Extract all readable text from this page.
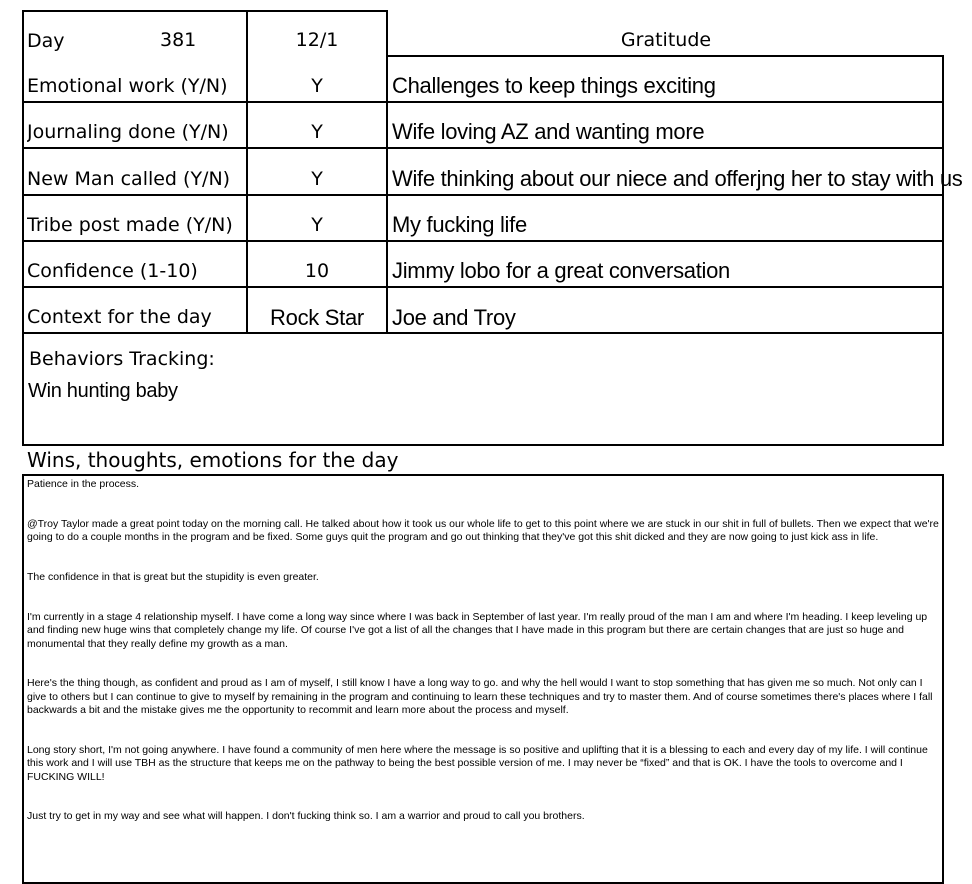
Day	381	12/1	Gratitude
Emotional work (Y/N)	Y	Challenges to keep things exciting
Journaling done (Y/N)	Y	Wife loving AZ and wanting more
New Man called (Y/N)	Y	Wife thinking about our niece and offerjng her to stay with us
Tribe post made (Y/N)	Y	My fucking life
Confidence (1-10)	10	Jimmy lobo for a great conversation
Context for the day	Rock Star	Joe and Troy
Behaviors Tracking:
Win hunting baby
Wins, thoughts, emotions for the day

Patience in the process.

@Troy Taylor made a great point today on the morning call. He talked about how it took us our whole life to get to this point where we are stuck in our shit in full of bullets. Then we expect that we're going to do a couple months in the program and be fixed. Some guys quit the program and go out thinking that they've got this shit dicked and they are now going to just kick ass in life.

The confidence in that is great but the stupidity is even greater.

I'm currently in a stage 4 relationship myself. I have come a long way since where I was back in September of last year. I'm really proud of the man I am and where I'm heading. I keep leveling up and finding new huge wins that completely change my life. Of course I've got a list of all the changes that I have made in this program but there are certain changes that are just so huge and monumental that they really define my growth as a man.

Here's the thing though, as confident and proud as I am of myself, I still know I have a long way to go. and why the hell would I want to stop something that has given me so much. Not only can I give to others but I can continue to give to myself by remaining in the program and continuing to learn these techniques and try to master them. And of course sometimes there's places where I fall backwards a bit and the mistake gives me the opportunity to recommit and learn more about the process and myself.

Long story short, I'm not going anywhere. I have found a community of men here where the message is so positive and uplifting that it is a blessing to each and every day of my life. I will continue this work and I will use TBH as the structure that keeps me on the pathway to being the best possible version of me. I may never be “fixed” and that is OK. I have the tools to overcome and I FUCKING WILL!

Just try to get in my way and see what will happen. I don't fucking think so. I am a warrior and proud to call you brothers.
